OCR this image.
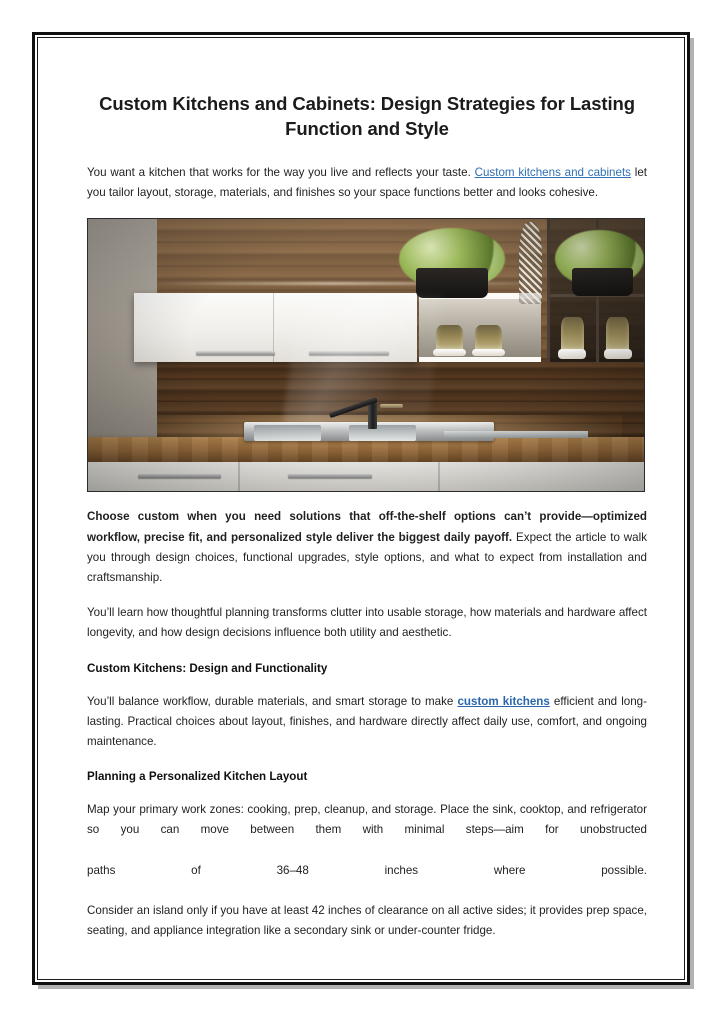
Custom Kitchens and Cabinets: Design Strategies for Lasting Function and Style

You want a kitchen that works for the way you live and reflects your taste. Custom kitchens and cabinets let you tailor layout, storage, materials, and finishes so your space functions better and looks cohesive.

Choose custom when you need solutions that off-the-shelf options can’t provide—optimized workflow, precise fit, and personalized style deliver the biggest daily payoff. Expect the article to walk you through design choices, functional upgrades, style options, and what to expect from installation and craftsmanship.

You’ll learn how thoughtful planning transforms clutter into usable storage, how materials and hardware affect longevity, and how design decisions influence both utility and aesthetic.

Custom Kitchens: Design and Functionality

You’ll balance workflow, durable materials, and smart storage to make custom kitchens efficient and long-lasting. Practical choices about layout, finishes, and hardware directly affect daily use, comfort, and ongoing maintenance.

Planning a Personalized Kitchen Layout

Map your primary work zones: cooking, prep, cleanup, and storage. Place the sink, cooktop, and refrigerator so you can move between them with minimal steps—aim for unobstructed
paths of 36–48 inches where possible.
Consider an island only if you have at least 42 inches of clearance on all active sides; it provides prep space, seating, and appliance integration like a secondary sink or under-counter fridge.
